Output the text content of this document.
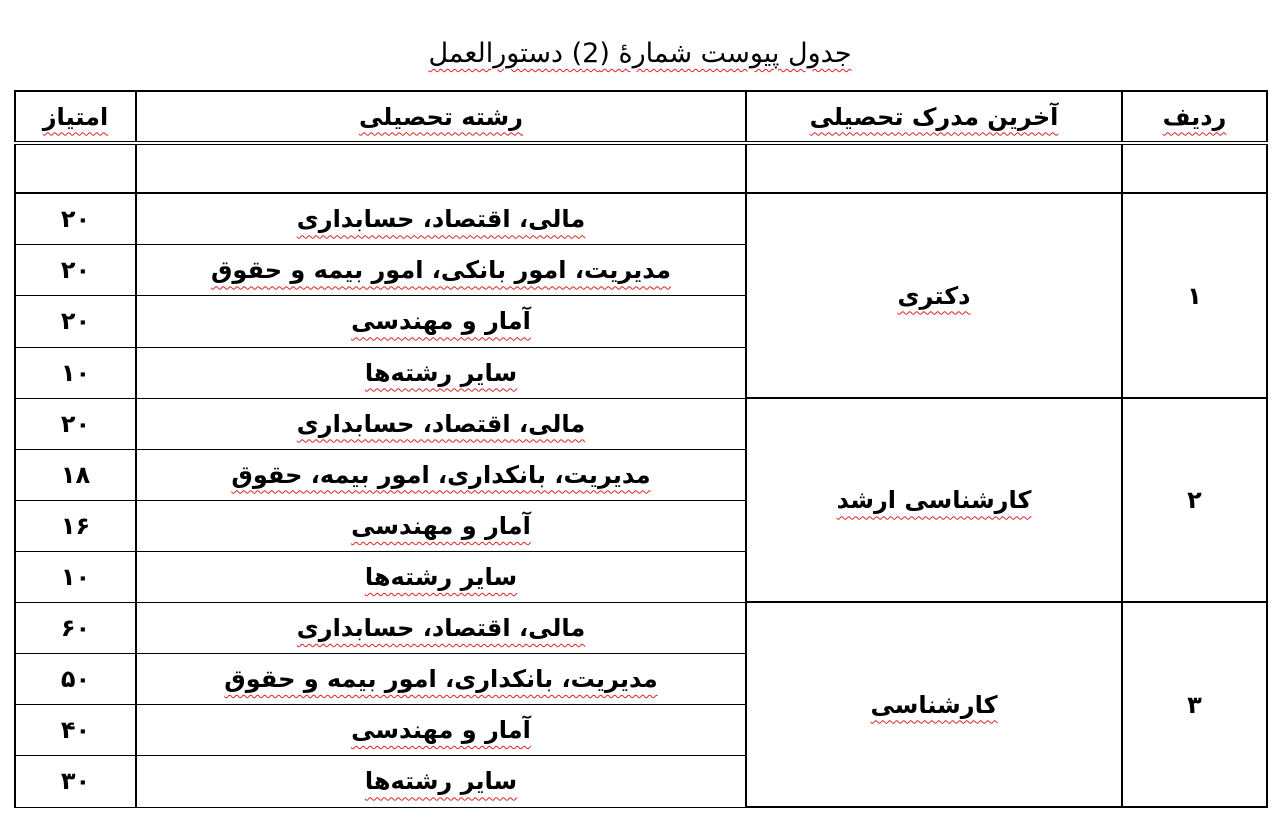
جدول پیوست شمارهٔ (2) دستورالعمل
ردیف	آخرین مدرک تحصیلی	رشته تحصیلی	امتیاز

۱	دکتری	مالی، اقتصاد، حسابداری	۲۰
		مدیریت، امور بانکی، امور بیمه و حقوق	۲۰
		آمار و مهندسی	۲۰
		سایر رشته‌ها	۱۰
۲	کارشناسی ارشد	مالی، اقتصاد، حسابداری	۲۰
		مدیریت، بانکداری، امور بیمه، حقوق	۱۸
		آمار و مهندسی	۱۶
		سایر رشته‌ها	۱۰
۳	کارشناسی	مالی، اقتصاد، حسابداری	۶۰
		مدیریت، بانکداری، امور بیمه و حقوق	۵۰
		آمار و مهندسی	۴۰
		سایر رشته‌ها	۳۰
